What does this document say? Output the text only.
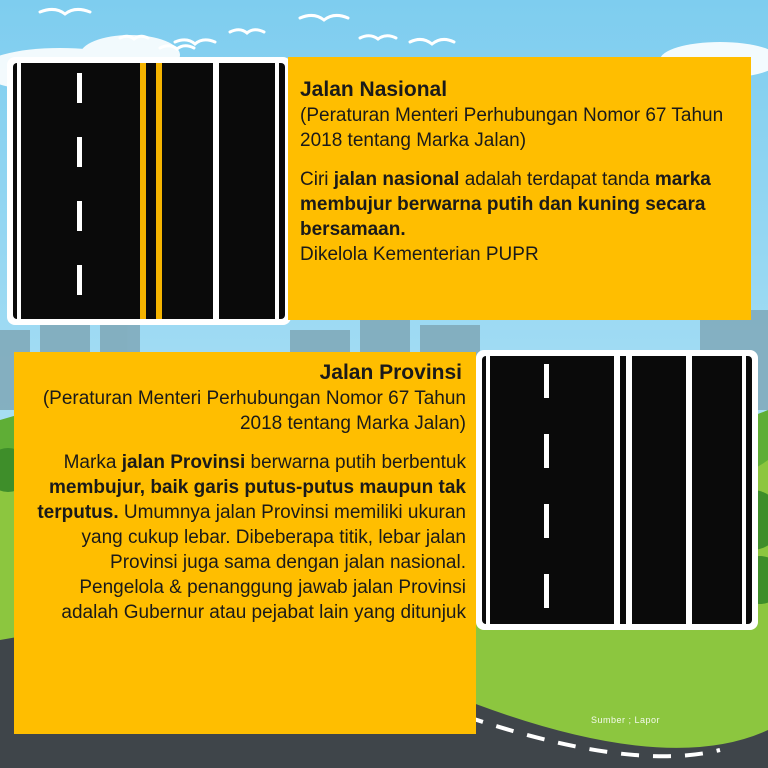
Jalan Nasional
(Peraturan Menteri Perhubungan Nomor 67 Tahun 2018 tentang Marka Jalan)
Ciri jalan nasional adalah terdapat tanda marka membujur berwarna putih dan kuning secara bersamaan.
Dikelola Kementerian PUPR
Jalan Provinsi
(Peraturan Menteri Perhubungan Nomor 67 Tahun 2018 tentang Marka Jalan)
Marka jalan Provinsi berwarna putih berbentuk membujur, baik garis putus-putus maupun tak terputus. Umumnya jalan Provinsi memiliki ukuran yang cukup lebar. Dibeberapa titik, lebar jalan Provinsi juga sama dengan jalan nasional. Pengelola & penanggung jawab jalan Provinsi adalah Gubernur atau pejabat lain yang ditunjuk
Sumber ; Lapor
